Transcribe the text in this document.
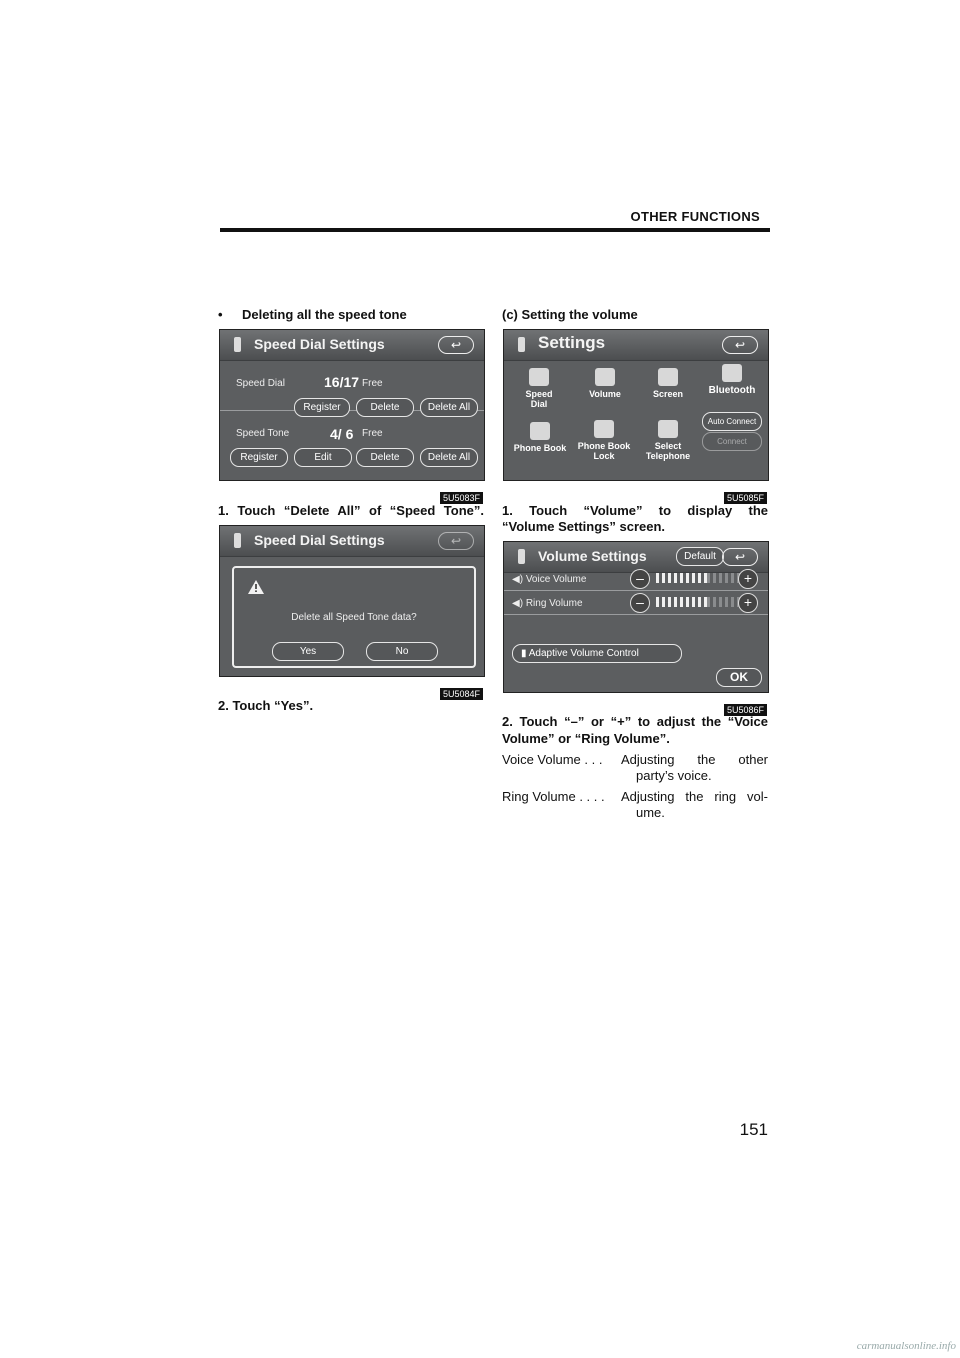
OTHER FUNCTIONS
• Deleting all the speed tone
Speed Dial Settings	↩
Speed Dial	16/17 Free
Register	Delete	Delete All
Speed Tone	4/ 6 Free
Register	Edit	Delete	Delete All
5U5083F
1. Touch “Delete All” of “Speed Tone”.
Speed Dial Settings	↩
Delete all Speed Tone data?
Yes	No
5U5084F
2. Touch “Yes”.
(c) Setting the volume
Settings	↩
Speed Dial
Volume	Screen	Bluetooth
Auto Connect
Connect
Phone Book Phone Book Lock
Select Telephone
5U5085F
1. Touch “Volume” to display the
“Volume Settings” screen.
Volume Settings	Default	↩
◀) Voice Volume	–	+
◀) Ring Volume	–	+
▮ Adaptive Volume Control
OK
5U5086F
2. Touch “–” or “+” to adjust the “Voice
Volume” or “Ring Volume”.
Voice Volume . . . Adjusting the other
party’s voice.
Ring Volume . . . . Adjusting the ring vol-
ume.
151
carmanualsonline.info
